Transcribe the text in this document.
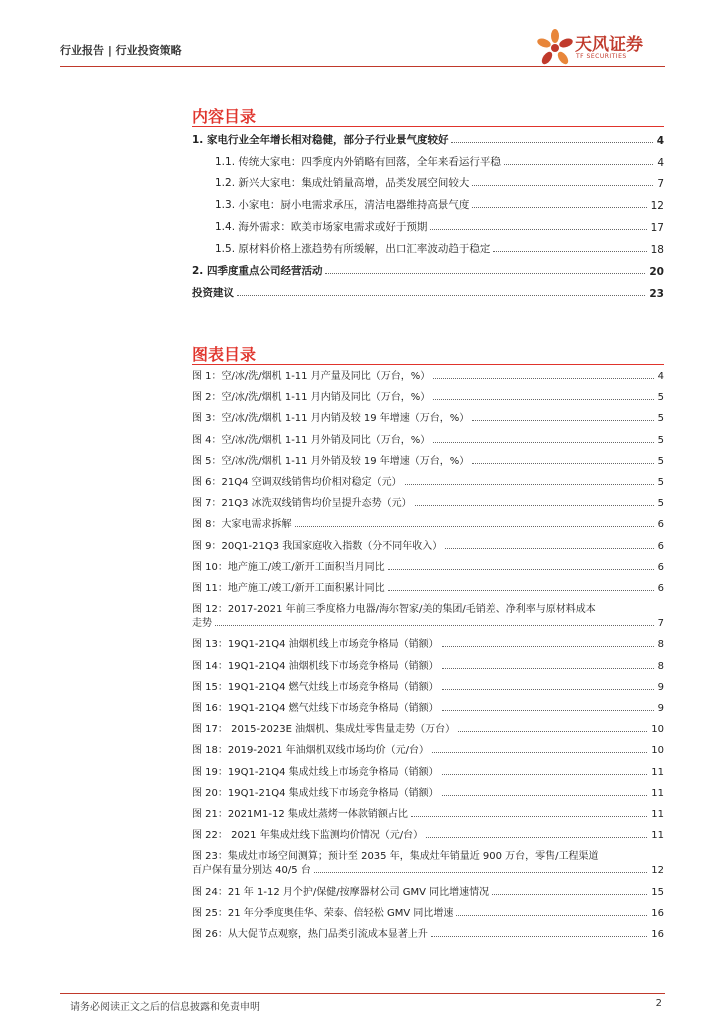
行业报告 | 行业投资策略	天风证券
TF SECURITIES
内容目录
1. 家电行业全年增长相对稳健，部分子行业景气度较好	4
1.1. 传统大家电：四季度内外销略有回落，全年来看运行平稳	4
1.2. 新兴大家电：集成灶销量高增，品类发展空间较大	7
1.3. 小家电：厨小电需求承压，清洁电器维持高景气度	12
1.4. 海外需求：欧美市场家电需求或好于预期	17
1.5. 原材料价格上涨趋势有所缓解，出口汇率波动趋于稳定	18
2. 四季度重点公司经营活动	20
投资建议	23
图表目录
图 1：空/冰/洗/烟机 1-11 月产量及同比（万台，%）	4
图 2：空/冰/洗/烟机 1-11 月内销及同比（万台，%）	5
图 3：空/冰/洗/烟机 1-11 月内销及较 19 年增速（万台，%）	5
图 4：空/冰/洗/烟机 1-11 月外销及同比（万台，%）	5
图 5：空/冰/洗/烟机 1-11 月外销及较 19 年增速（万台，%）	5
图 6：21Q4 空调双线销售均价相对稳定（元）	5
图 7：21Q3 冰洗双线销售均价呈提升态势（元）	5
图 8：大家电需求拆解	6
图 9：20Q1-21Q3 我国家庭收入指数（分不同年收入）	6
图 10：地产施工/竣工/新开工面积当月同比	6
图 11：地产施工/竣工/新开工面积累计同比	6
图 12：2017-2021 年前三季度格力电器/海尔智家/美的集团/毛销差、净利率与原材料成本
走势	7
图 13：19Q1-21Q4 油烟机线上市场竞争格局（销额）	8
图 14：19Q1-21Q4 油烟机线下市场竞争格局（销额）	8
图 15：19Q1-21Q4 燃气灶线上市场竞争格局（销额）	9
图 16：19Q1-21Q4 燃气灶线下市场竞争格局（销额）	9
图 17： 2015-2023E 油烟机、集成灶零售量走势（万台）	10
图 18：2019-2021 年油烟机双线市场均价（元/台）	10
图 19：19Q1-21Q4 集成灶线上市场竞争格局（销额）	11
图 20：19Q1-21Q4 集成灶线下市场竞争格局（销额）	11
图 21：2021M1-12 集成灶蒸烤一体款销额占比	11
图 22： 2021 年集成灶线下监测均价情况（元/台）	11
图 23：集成灶市场空间测算；预计至 2035 年，集成灶年销量近 900 万台，零售/工程渠道
百户保有量分别达 40/5 台	12
图 24：21 年 1-12 月个护/保健/按摩器材公司 GMV 同比增速情况	15
图 25：21 年分季度奥佳华、荣泰、倍轻松 GMV 同比增速	16
图 26：从大促节点观察，热门品类引流成本显著上升	16
请务必阅读正文之后的信息披露和免责申明	2
